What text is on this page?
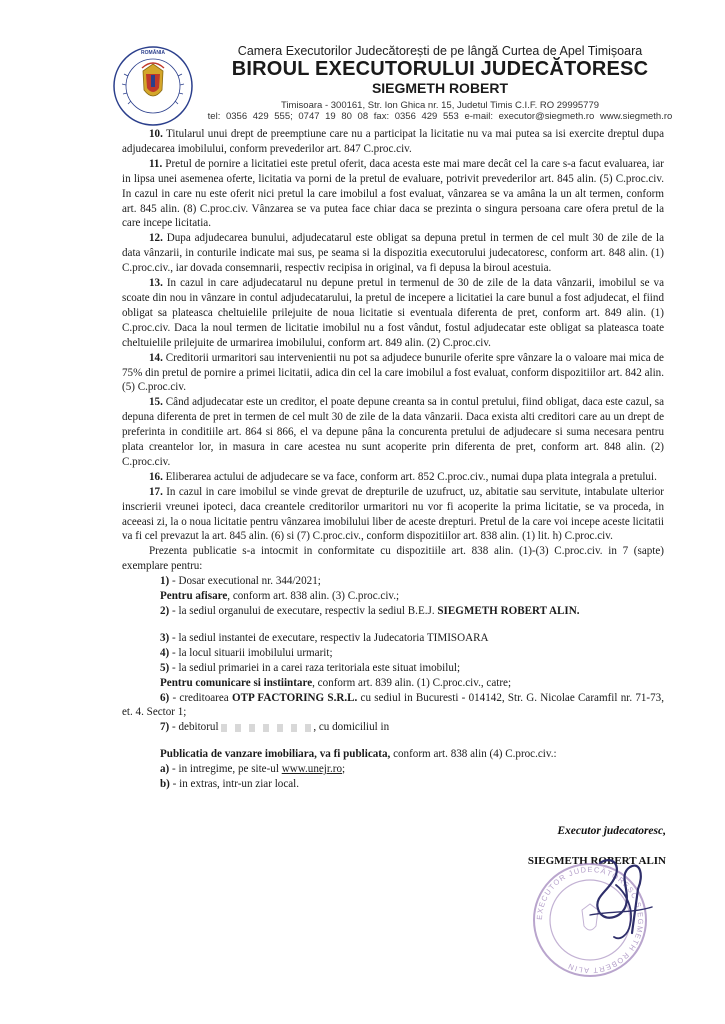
ROMÂNIA	Camera Executorilor Judecătorești de pe lângă Curtea de Apel Timișoara
BIROUL EXECUTORULUI JUDECĂTORESC
SIEGMETH ROBERT
Timisoara - 300161, Str. Ion Ghica nr. 15, Judetul Timis C.I.F. RO 29995779
tel: 0356 429 555; 0747 19 80 08 fax: 0356 429 553 e-mail: executor@siegmeth.ro www.siegmeth.ro

10. Titularul unui drept de preemptiune care nu a participat la licitatie nu va mai putea sa isi exercite dreptul dupa adjudecarea imobilului, conform prevederilor art. 847 C.proc.civ.

11. Pretul de pornire a licitatiei este pretul oferit, daca acesta este mai mare decât cel la care s-a facut evaluarea, iar in lipsa unei asemenea oferte, licitatia va porni de la pretul de evaluare, potrivit prevederilor art. 845 alin. (5) C.proc.civ. In cazul in care nu este oferit nici pretul la care imobilul a fost evaluat, vânzarea se va amâna la un alt termen, conform art. 845 alin. (8) C.proc.civ. Vânzarea se va putea face chiar daca se prezinta o singura persoana care ofera pretul de la care incepe licitatia.

12. Dupa adjudecarea bunului, adjudecatarul este obligat sa depuna pretul in termen de cel mult 30 de zile de la data vânzarii, in conturile indicate mai sus, pe seama si la dispozitia executorului judecatoresc, conform art. 848 alin. (1) C.proc.civ., iar dovada consemnarii, respectiv recipisa in original, va fi depusa la biroul acestuia.

13. In cazul in care adjudecatarul nu depune pretul in termenul de 30 de zile de la data vânzarii, imobilul se va scoate din nou in vânzare in contul adjudecatarului, la pretul de incepere a licitatiei la care bunul a fost adjudecat, el fiind obligat sa plateasca cheltuielile prilejuite de noua licitatie si eventuala diferenta de pret, conform art. 849 alin. (1) C.proc.civ. Daca la noul termen de licitatie imobilul nu a fost vândut, fostul adjudecatar este obligat sa plateasca toate cheltuielile prilejuite de urmarirea imobilului, conform art. 849 alin. (2) C.proc.civ.

14. Creditorii urmaritori sau intervenientii nu pot sa adjudece bunurile oferite spre vânzare la o valoare mai mica de 75% din pretul de pornire a primei licitatii, adica din cel la care imobilul a fost evaluat, conform dispozitiilor art. 842 alin. (5) C.proc.civ.

15. Când adjudecatar este un creditor, el poate depune creanta sa in contul pretului, fiind obligat, daca este cazul, sa depuna diferenta de pret in termen de cel mult 30 de zile de la data vânzarii. Daca exista alti creditori care au un drept de preferinta in conditiile art. 864 si 866, el va depune pâna la concurenta pretului de adjudecare si suma necesara pentru plata creantelor lor, in masura in care acestea nu sunt acoperite prin diferenta de pret, conform art. 848 alin. (2) C.proc.civ.

16. Eliberarea actului de adjudecare se va face, conform art. 852 C.proc.civ., numai dupa plata integrala a pretului.

17. In cazul in care imobilul se vinde grevat de drepturile de uzufruct, uz, abitatie sau servitute, intabulate ulterior inscrierii vreunei ipoteci, daca creantele creditorilor urmaritori nu vor fi acoperite la prima licitatie, se va proceda, in aceeasi zi, la o noua licitatie pentru vânzarea imobilului liber de aceste drepturi. Pretul de la care voi incepe aceste licitatii va fi cel prevazut la art. 845 alin. (6) si (7) C.proc.civ., conform dispozitiilor art. 838 alin. (1) lit. h) C.proc.civ.

Prezenta publicatie s-a intocmit in conformitate cu dispozitiile art. 838 alin. (1)-(3) C.proc.civ. in 7 (sapte) exemplare pentru:

1) - Dosar executional nr. 344/2021;

Pentru afisare, conform art. 838 alin. (3) C.proc.civ.;

2) - la sediul organului de executare, respectiv la sediul B.E.J. SIEGMETH ROBERT ALIN.

3) - la sediul instantei de executare, respectiv la Judecatoria TIMISOARA

4) - la locul situarii imobilului urmarit;

5) - la sediul primariei in a carei raza teritoriala este situat imobilul;

Pentru comunicare si instiintare, conform art. 839 alin. (1) C.proc.civ., catre;

6) - creditoarea OTP FACTORING S.R.L. cu sediul in Bucuresti - 014142, Str. G. Nicolae Caramfil nr. 71-73, et. 4. Sector 1;

7) - debitorul	, cu domiciliul in

Publicatia de vanzare imobiliara, va fi publicata, conform art. 838 alin (4) C.proc.civ.:

a) - in intregime, pe site-ul www.unejr.ro;

b) - in extras, intr-un ziar local.

Executor judecatoresc,
SIEGMETH ROBERT ALIN
EXECUTOR JUDECĂTORESC SIEGMETH ROBERT ALIN
